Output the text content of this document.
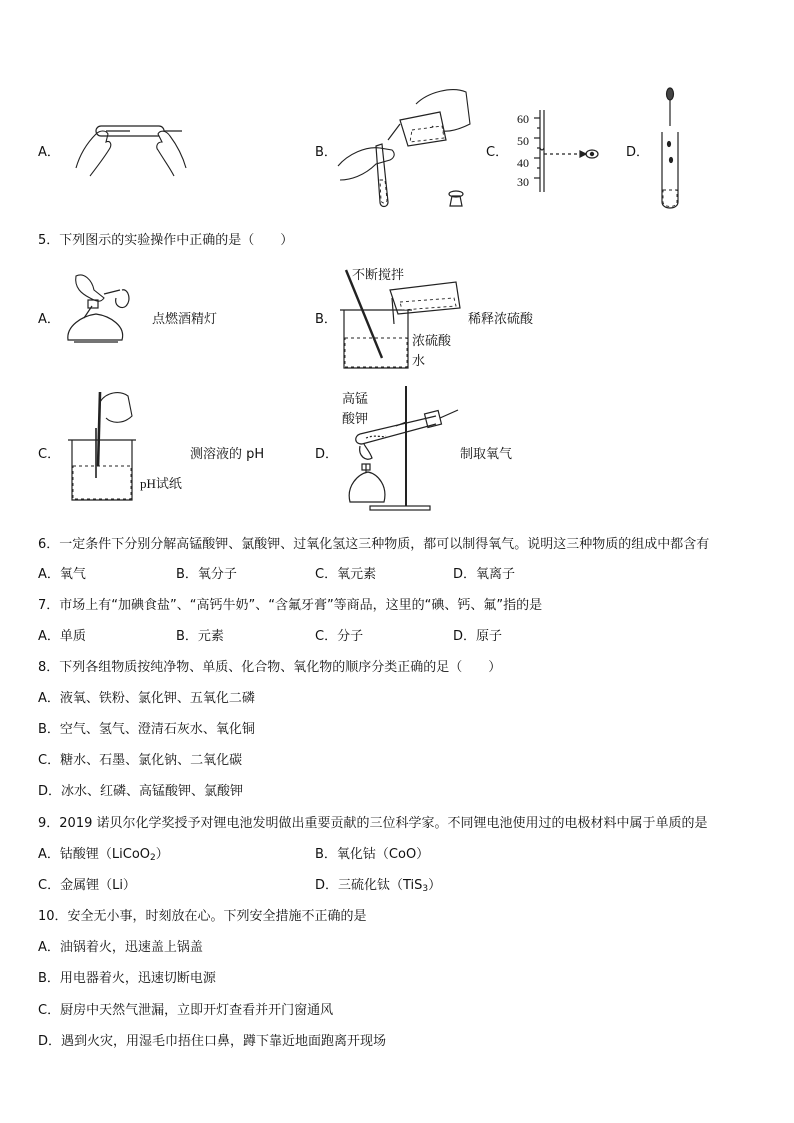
A．	B．	C．
60
50
40
30
D．
5．下列图示的实验操作中正确的是（　　）
A．	点燃酒精灯	B．
不断搅拌
稀释浓硫酸
浓硫酸
水
C．
pH试纸
测溶液的 pH	D．
高锰
酸钾
制取氧气
6．一定条件下分别分解高锰酸钾、氯酸钾、过氧化氢这三种物质，都可以制得氧气。说明这三种物质的组成中都含有
A．氧气	B．氧分子	C．氧元素	D．氧离子
7．市场上有“加碘食盐”、“高钙牛奶”、“含氟牙膏”等商品，这里的“碘、钙、氟”指的是
A．单质	B．元素	C．分子	D．原子
8．下列各组物质按纯净物、单质、化合物、氧化物的顺序分类正确的足（　　）
A．液氧、铁粉、氯化钾、五氧化二磷
B．空气、氢气、澄清石灰水、氧化铜
C．糖水、石墨、氯化钠、二氧化碳
D．冰水、红磷、高锰酸钾、氯酸钾
9．2019 诺贝尔化学奖授予对锂电池发明做出重要贡献的三位科学家。不同锂电池使用过的电极材料中属于单质的是
A．钴酸锂（LiCoO$_2$）	B．氧化钴（CoO）
C．金属锂（Li）	D．三硫化钛（TiS$_3$）
10．安全无小事，时刻放在心。下列安全措施不正确的是
A．油锅着火，迅速盖上锅盖
B．用电器着火，迅速切断电源
C．厨房中天然气泄漏，立即开灯查看并开门窗通风
D．遇到火灾，用湿毛巾捂住口鼻，蹲下靠近地面跑离开现场
